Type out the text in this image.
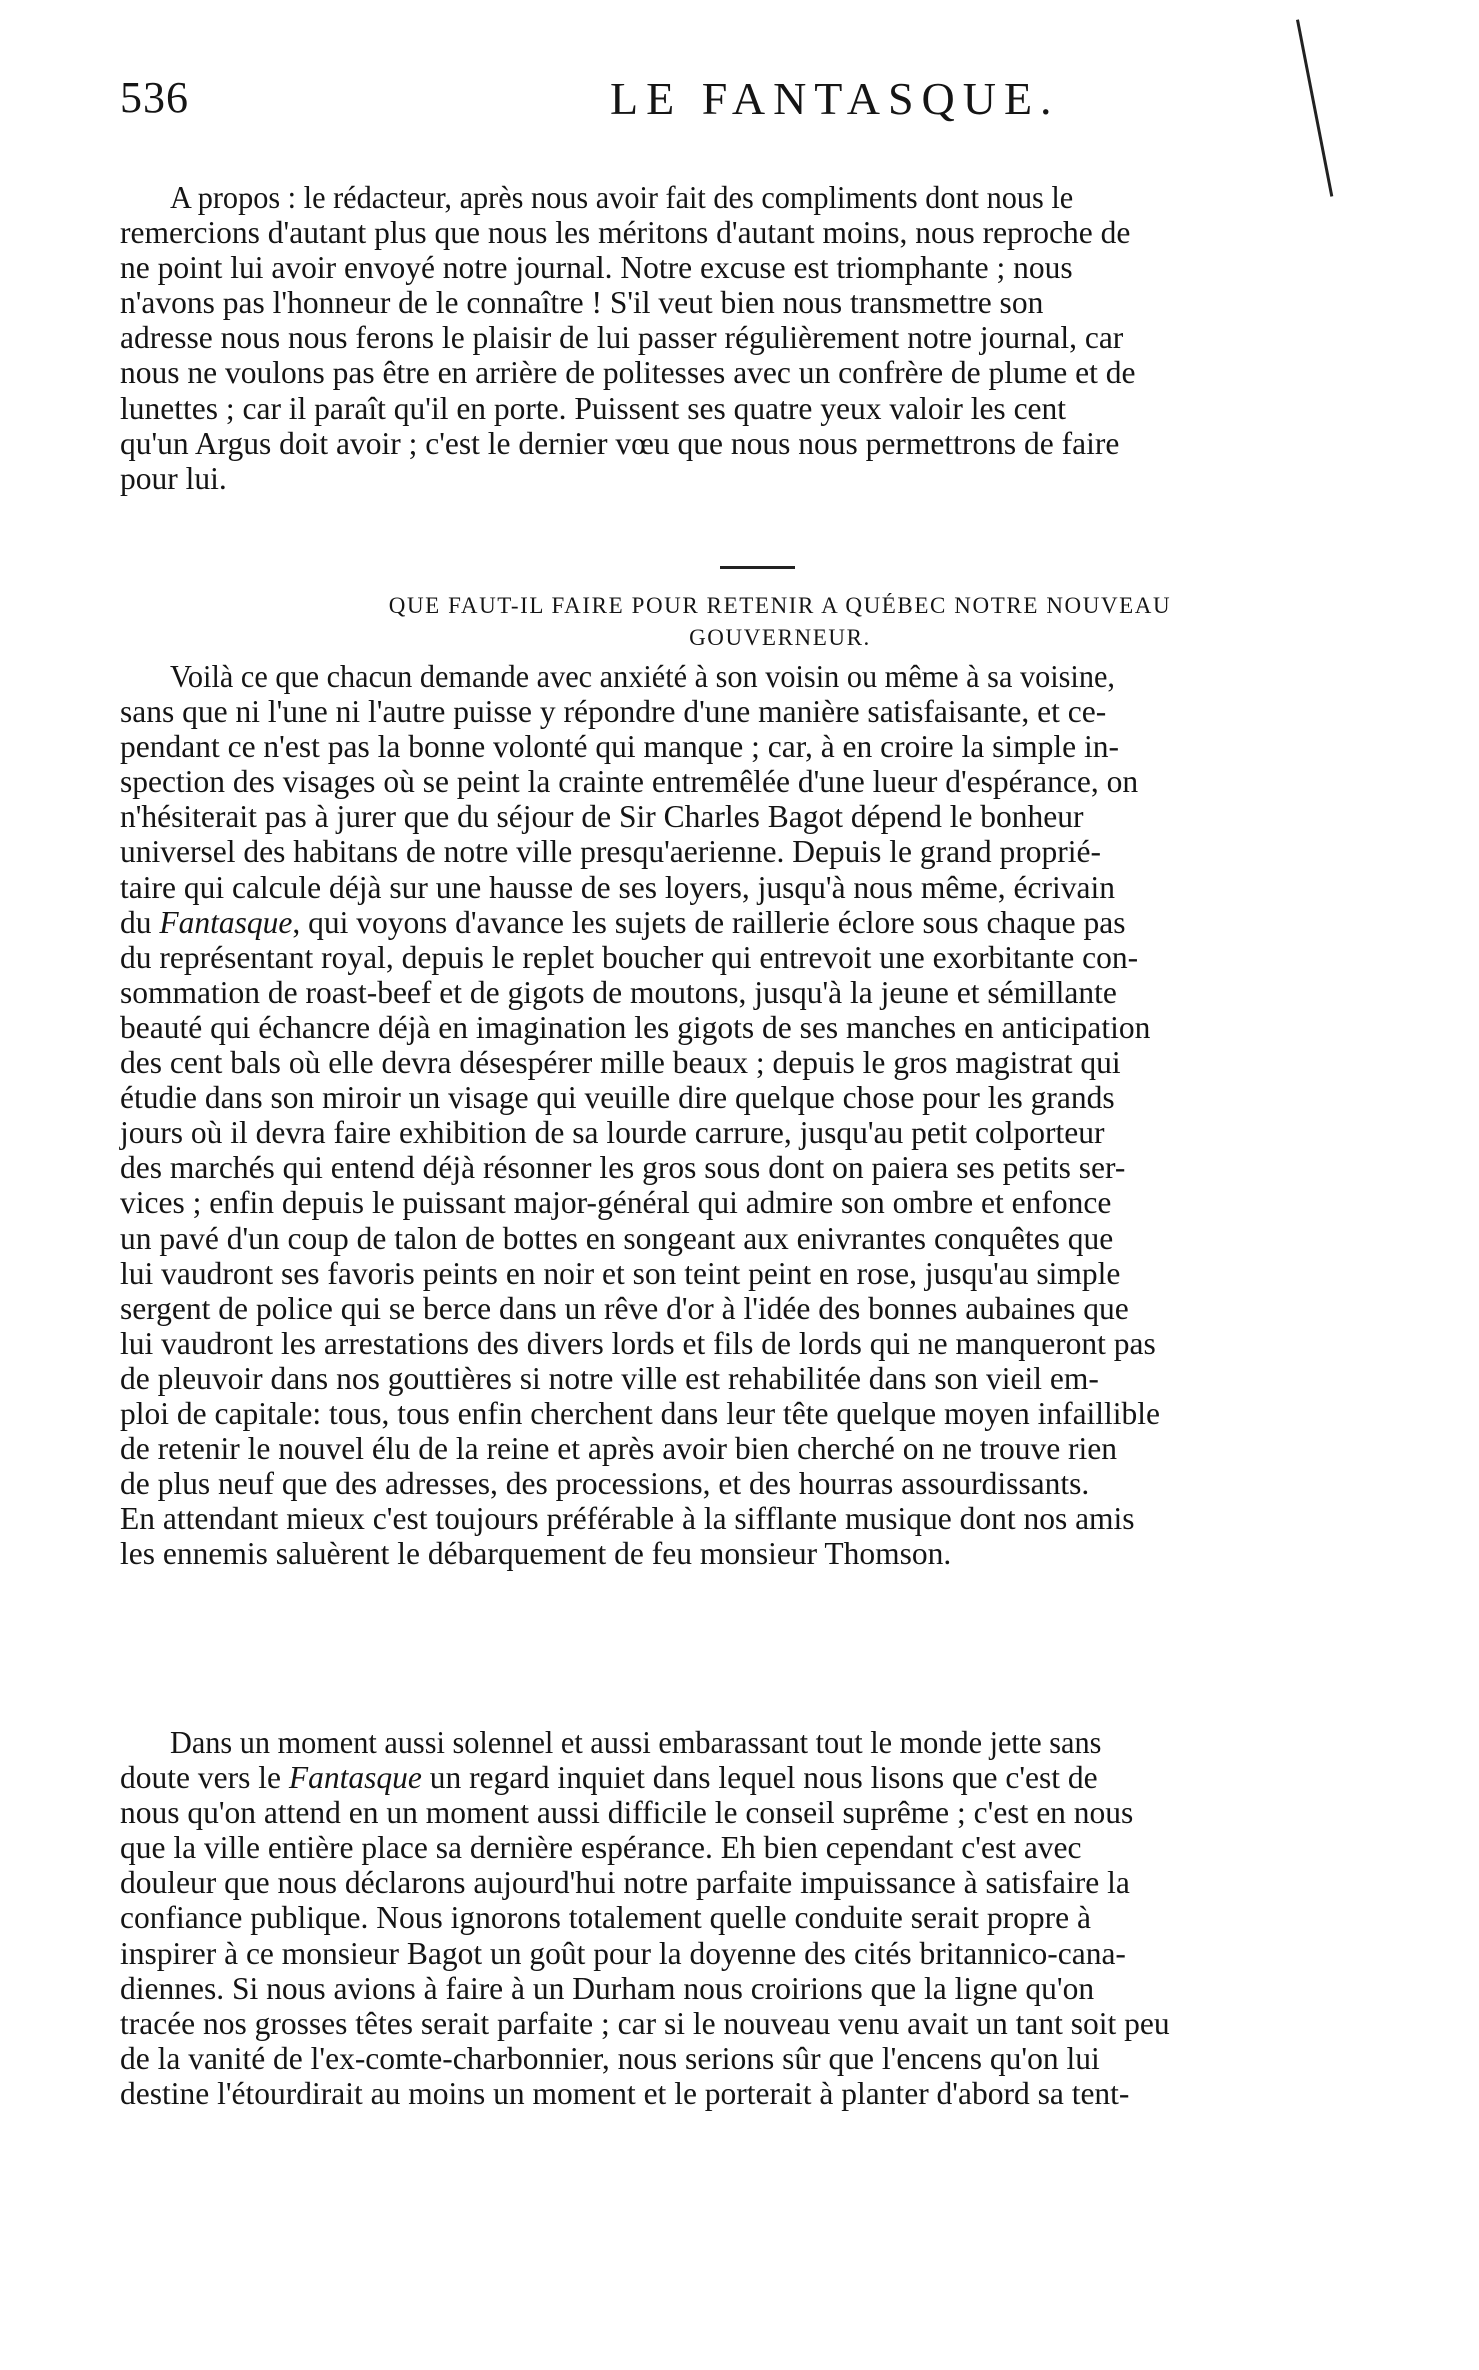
536	LE FANTASQUE.

A propos : le rédacteur, après nous avoir fait des compliments dont nous le
remercions d'autant plus que nous les méritons d'autant moins, nous reproche de
ne point lui avoir envoyé notre journal. Notre excuse est triomphante ; nous
n'avons pas l'honneur de le connaître ! S'il veut bien nous transmettre son
adresse nous nous ferons le plaisir de lui passer régulièrement notre journal, car
nous ne voulons pas être en arrière de politesses avec un confrère de plume et de
lunettes ; car il paraît qu'il en porte. Puissent ses quatre yeux valoir les cent
qu'un Argus doit avoir ; c'est le dernier vœu que nous nous permettrons de faire
pour lui.

QUE FAUT-IL FAIRE POUR RETENIR A QUÉBEC NOTRE NOUVEAU
GOUVERNEUR.

Voilà ce que chacun demande avec anxiété à son voisin ou même à sa voisine,
sans que ni l'une ni l'autre puisse y répondre d'une manière satisfaisante, et ce-
pendant ce n'est pas la bonne volonté qui manque ; car, à en croire la simple in-
spection des visages où se peint la crainte entremêlée d'une lueur d'espérance, on
n'hésiterait pas à jurer que du séjour de Sir Charles Bagot dépend le bonheur
universel des habitans de notre ville presqu'aerienne. Depuis le grand proprié-
taire qui calcule déjà sur une hausse de ses loyers, jusqu'à nous même, écrivain
du Fantasque, qui voyons d'avance les sujets de raillerie éclore sous chaque pas
du représentant royal, depuis le replet boucher qui entrevoit une exorbitante con-
sommation de roast-beef et de gigots de moutons, jusqu'à la jeune et sémillante
beauté qui échancre déjà en imagination les gigots de ses manches en anticipation
des cent bals où elle devra désespérer mille beaux ; depuis le gros magistrat qui
étudie dans son miroir un visage qui veuille dire quelque chose pour les grands
jours où il devra faire exhibition de sa lourde carrure, jusqu'au petit colporteur
des marchés qui entend déjà résonner les gros sous dont on paiera ses petits ser-
vices ; enfin depuis le puissant major-général qui admire son ombre et enfonce
un pavé d'un coup de talon de bottes en songeant aux enivrantes conquêtes que
lui vaudront ses favoris peints en noir et son teint peint en rose, jusqu'au simple
sergent de police qui se berce dans un rêve d'or à l'idée des bonnes aubaines que
lui vaudront les arrestations des divers lords et fils de lords qui ne manqueront pas
de pleuvoir dans nos gouttières si notre ville est rehabilitée dans son vieil em-
ploi de capitale: tous, tous enfin cherchent dans leur tête quelque moyen infaillible
de retenir le nouvel élu de la reine et après avoir bien cherché on ne trouve rien
de plus neuf que des adresses, des processions, et des hourras assourdissants.
En attendant mieux c'est toujours préférable à la sifflante musique dont nos amis
les ennemis saluèrent le débarquement de feu monsieur Thomson.

Dans un moment aussi solennel et aussi embarassant tout le monde jette sans
doute vers le Fantasque un regard inquiet dans lequel nous lisons que c'est de
nous qu'on attend en un moment aussi difficile le conseil suprême ; c'est en nous
que la ville entière place sa dernière espérance. Eh bien cependant c'est avec
douleur que nous déclarons aujourd'hui notre parfaite impuissance à satisfaire la
confiance publique. Nous ignorons totalement quelle conduite serait propre à
inspirer à ce monsieur Bagot un goût pour la doyenne des cités britannico-cana-
diennes. Si nous avions à faire à un Durham nous croirions que la ligne qu'on
tracée nos grosses têtes serait parfaite ; car si le nouveau venu avait un tant soit peu
de la vanité de l'ex-comte-charbonnier, nous serions sûr que l'encens qu'on lui
destine l'étourdirait au moins un moment et le porterait à planter d'abord sa tent-
